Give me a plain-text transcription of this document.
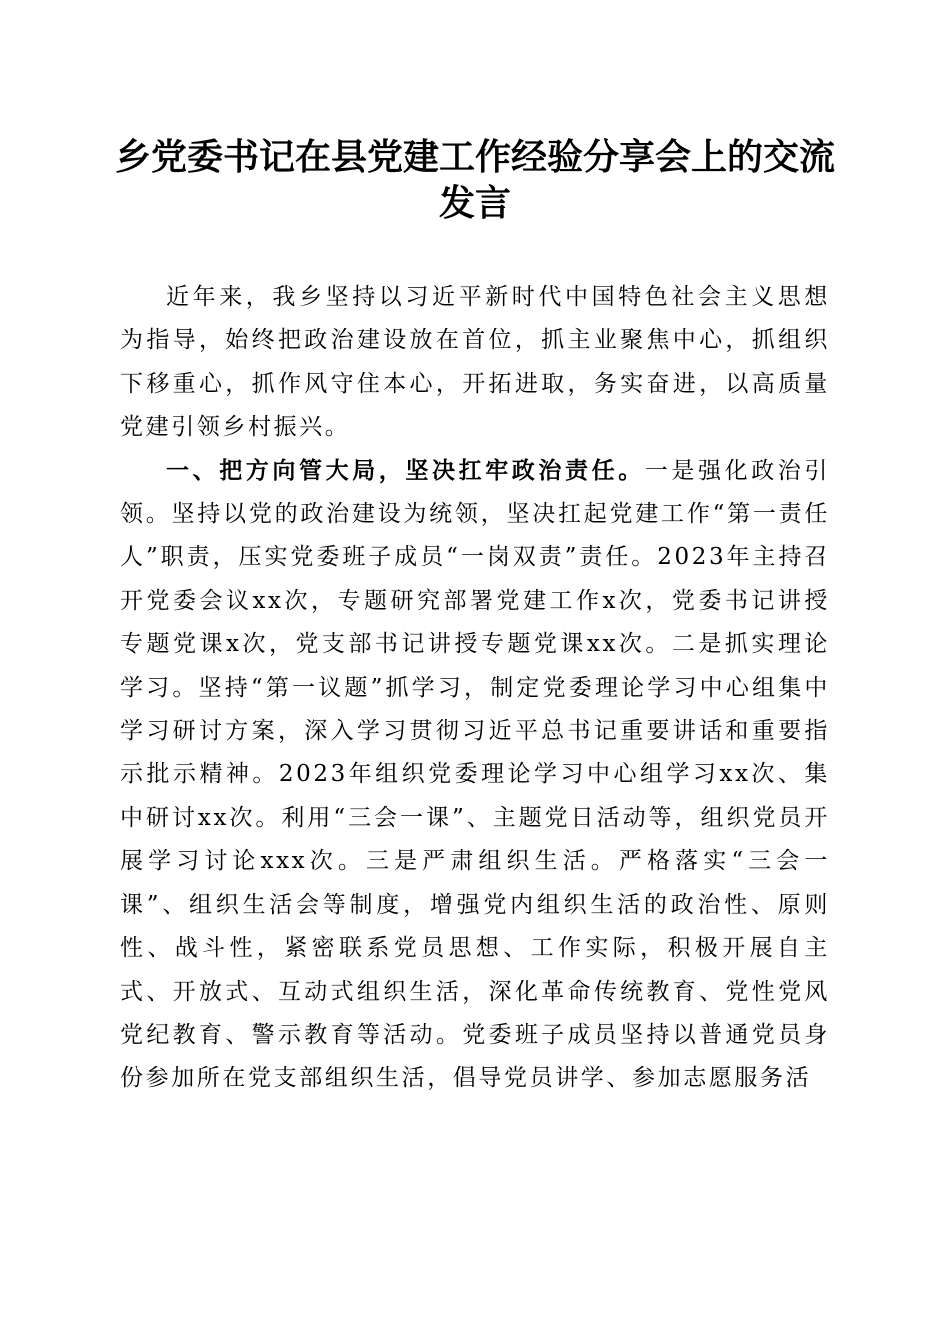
乡党委书记在县党建工作经验分享会上的交流
发言

近年来，我乡坚持以习近平新时代中国特色社会主义思想为指导，始终把政治建设放在首位，抓主业聚焦中心，抓组织下移重心，抓作风守住本心，开拓进取，务实奋进，以高质量党建引领乡村振兴。

一、把方向管大局，坚决扛牢政治责任。一是强化政治引领。坚持以党的政治建设为统领，坚决扛起党建工作“第一责任人”职责，压实党委班子成员“一岗双责”责任。2023年主持召开党委会议xx次，专题研究部署党建工作x次，党委书记讲授专题党课x次，党支部书记讲授专题党课xx次。二是抓实理论学习。坚持“第一议题”抓学习，制定党委理论学习中心组集中学习研讨方案，深入学习贯彻习近平总书记重要讲话和重要指示批示精神。2023年组织党委理论学习中心组学习xx次、集中研讨xx次。利用“三会一课”、主题党日活动等，组织党员开展学习讨论xxx次。三是严肃组织生活。严格落实“三会一课”、组织生活会等制度，增强党内组织生活的政治性、原则性、战斗性，紧密联系党员思想、工作实际，积极开展自主式、开放式、互动式组织生活，深化革命传统教育、党性党风党纪教育、警示教育等活动。党委班子成员坚持以普通党员身份参加所在党支部组织生活，倡导党员讲学、参加志愿服务活
